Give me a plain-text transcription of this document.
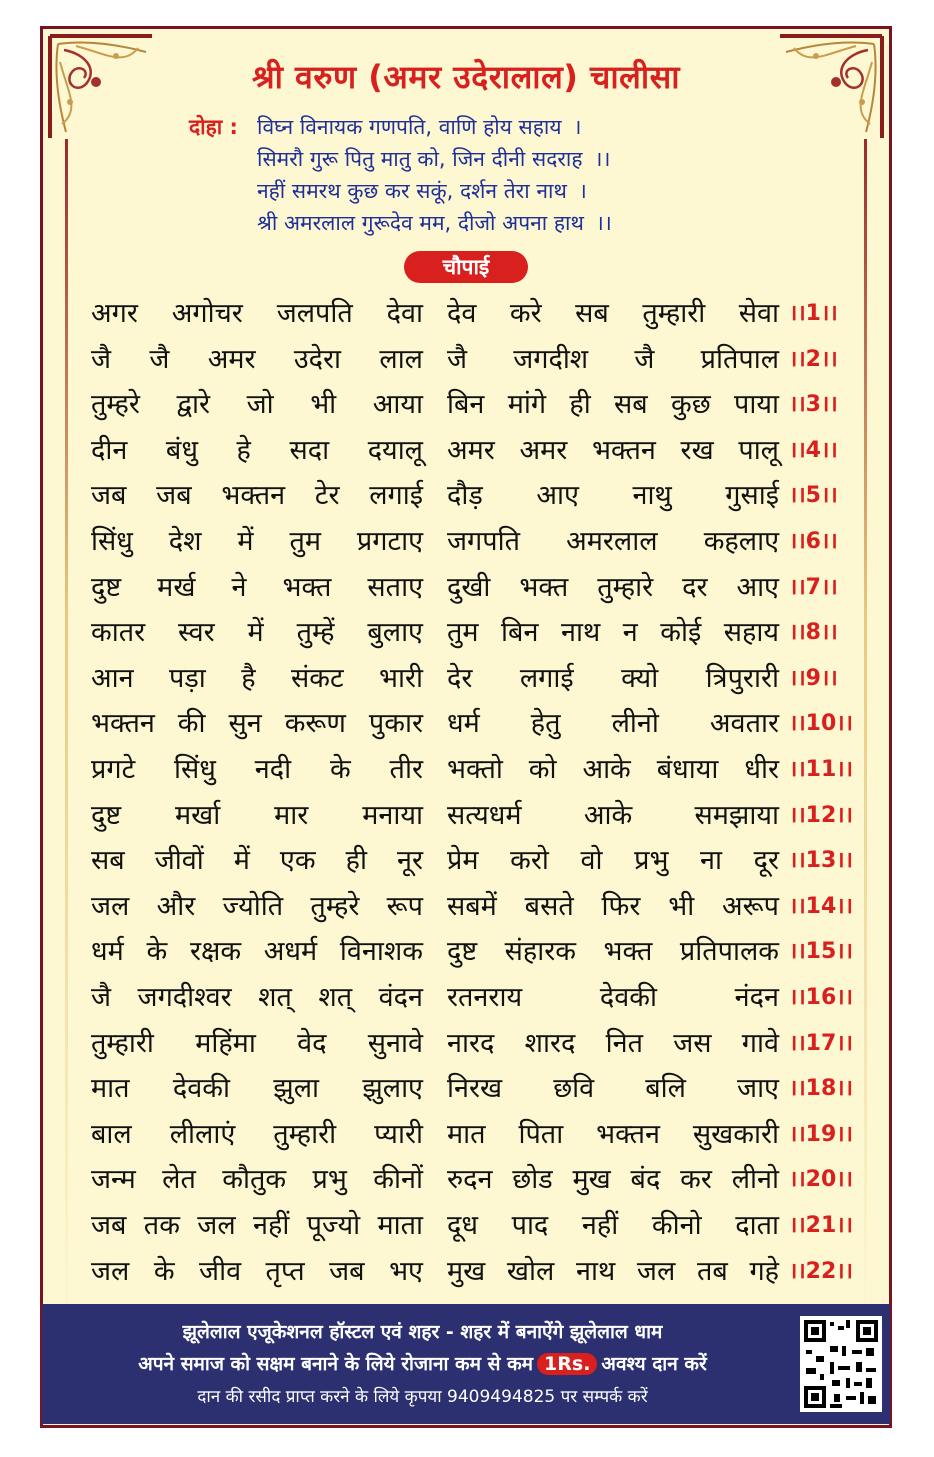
श्री वरुण (अमर उदेरालाल) चालीसा
दोहा : विघ्न विनायक गणपति, वाणि होय सहाय ।
सिमरौ गुरू पितु मातु को, जिन दीनी सदराह ।।
नहीं समरथ कुछ कर सकूं, दर्शन तेरा नाथ ।
श्री अमरलाल गुरूदेव मम, दीजो अपना हाथ ।।
चौपाई
अगर अगोचर जलपति देवा देव करे सब तुम्हारी सेवा ।।1।।
जै जै अमर उदेरा लाल जै जगदीश जै प्रतिपाल ।।2।।
तुम्हरे द्वारे जो भी आया बिन मांगे ही सब कुछ पाया ।।3।।
दीन बंधु हे सदा दयालू अमर अमर भक्तन रख पालू ।।4।।
जब जब भक्तन टेर लगाई दौड़ आए नाथु गुसाई ।।5।।
सिंधु देश में तुम प्रगटाए जगपति अमरलाल कहलाए ।।6।।
दुष्ट मर्ख ने भक्त सताए दुखी भक्त तुम्हारे दर आए ।।7।।
कातर स्वर में तुम्हें बुलाए तुम बिन नाथ न कोई सहाय ।।8।।
आन पड़ा है संकट भारी देर लगाई क्यो त्रिपुरारी ।।9।।
भक्तन की सुन करूण पुकार धर्म हेतु लीनो अवतार ।।10।।
प्रगटे सिंधु नदी के तीर भक्तो को आके बंधाया धीर ।।11।।
दुष्ट मर्खा मार मनाया सत्यधर्म आके समझाया ।।12।।
सब जीवों में एक ही नूर प्रेम करो वो प्रभु ना दूर ।।13।।
जल और ज्योति तुम्हरे रूप सबमें बसते फिर भी अरूप ।।14।।
धर्म के रक्षक अधर्म विनाशक दुष्ट संहारक भक्त प्रतिपालक ।।15।।
जै जगदीश्वर शत् शत् वंदन रतनराय देवकी नंदन ।।16।।
तुम्हारी महिंमा वेद सुनावे नारद शारद नित जस गावे ।।17।।
मात देवकी झुला झुलाए निरख छवि बलि जाए ।।18।।
बाल लीलाएं तुम्हारी प्यारी मात पिता भक्तन सुखकारी ।।19।।
जन्म लेत कौतुक प्रभु कीनों रुदन छोड मुख बंद कर लीनो ।।20।।
जब तक जल नहीं पूज्यो माता दूध पाद नहीं कीनो दाता ।।21।।
जल के जीव तृप्त जब भए मुख खोल नाथ जल तब गहे ।।22।।
झूलेलाल एजूकेशनल हॉस्टल एवं शहर - शहर में बनाऐंगे झूलेलाल धाम
अपने समाज को सक्षम बनाने के लिये रोजाना कम से कम 1Rs. अवश्य दान करें
दान की रसीद प्राप्त करने के लिये कृपया 9409494825 पर सम्पर्क करें
